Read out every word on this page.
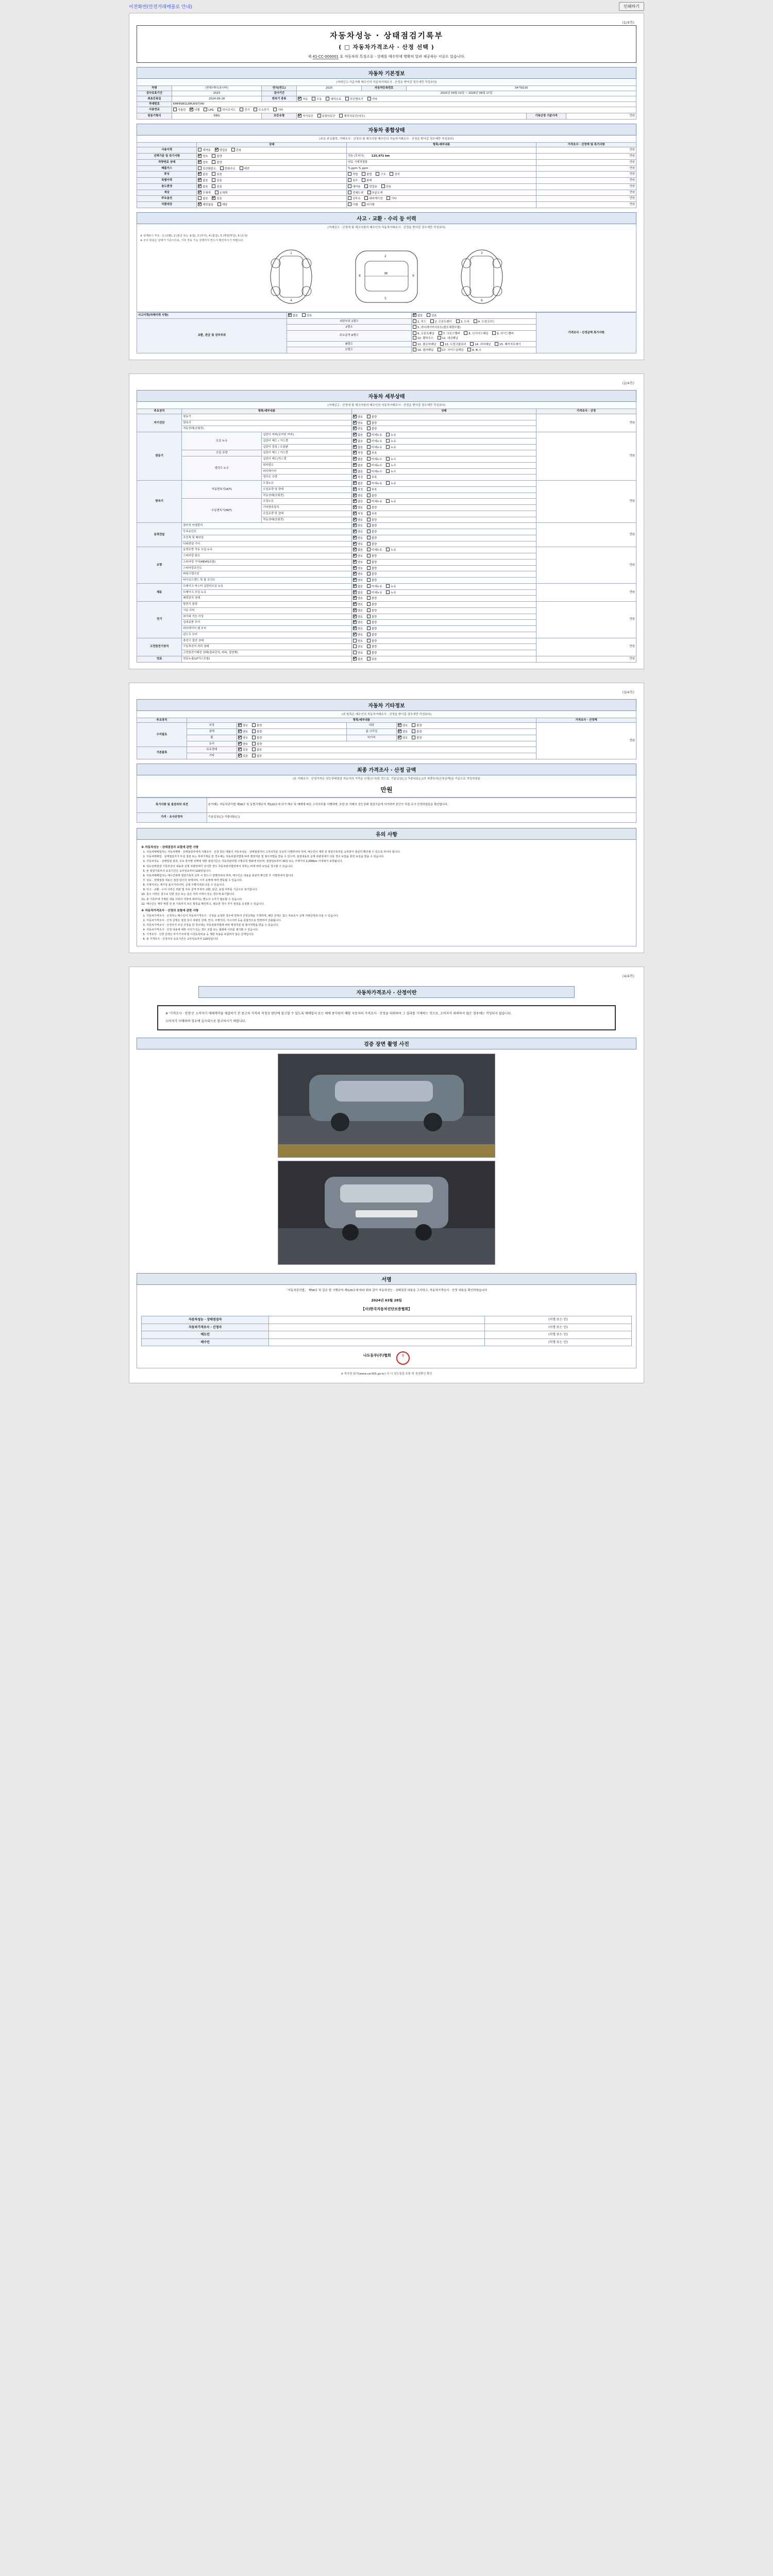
이전화면(안전거래매물로 안내)	인쇄하기
(1/4쪽)
자동차성능 · 상태점검기록부
( □ 자동차가격조사 · 산정 선택 )
제 41-CC-000001 호 자동차의 특징소유ㆍ상태를 매수인에 명확히 알려 제공하는 서류도 있습니다.
자동차 기본정보
(거래신고 기준거래 매수인의 자동차거래조사 · 산정을 받아갈 경우에만 작성보다)
차명	(현대)에디(쏘나타)	연식(연도)	2025	자동차등록번호	34가9230		
검사유효기간	2025	검사기간	2025년 09월 10일 ~ 2026년 09월 17일				
최초등록일	2024-09-18	변속기 종류	자동 수동 세미오토 무단변속기 기타				
차대번호	KMHK881L8RU097340						
사용연료	가솔린 디젤 LPG 하이브리드 전기 수소전기 기타						
원동기형식	DRG	보증유형	자가보증 보험사보증 제작사보증(의무)			기록간정 기준가격	만원
자동차 종합상태
(주요 주요품목, 거래조사 · 산정의 필 체크사항 매수인의 자동차거래조사 · 산정을 받아갈 경우에만 작성보다)
	상태	항목/세부내용	가격조사 · 산정액 및 특기사항
사용이력	대여용 영업용 관용		만원
선택기준 및 특기사항	양호 불량	전동 (모터식) 125,471 km	만원
차량연료 상태	양호 불량	연료 기계적결함	만원
배출가스	일산화탄소 탄화수소 매연	% ppm % ppm	만원
튜닝	없음 있음	적법 불법 구조 장치	만원
특별이력	없음 있음	침수 화재	만원
용도변경	없음 있음	대여용 영업용 관용	만원
색상	무채색 유채색	전체도색 부분도색	만원
주요옵션	없음 있음	선루프 내비게이션 기타	만원
리콜대상	해당없음 해당	이행 미이행	만원
사고 · 교환 · 수리 등 이력
(거래신고 · 산정에 필 체크사항의 매수인의 자동차거래조사 · 산정을 받아갈 경우에만 작성보다)
※ 상태표시 부호 : 1 (교환), 2 (판금 또는 용접), 3 (부식), 4 (흠집), 5 (깨짐/찢김), 6 (손상)
※ 주의 항목은 상태가 기준이므로, 기타 작동 기능 상태까지 반드시 확인하시기 바랍니다.
1
4
M
2
5
8	9
3
6
사고이력(차체이력 사항)	없음 있음	없음 있음	가격조사 · 산정금액 특기사항
교환, 판금 및 상부부위	외판부위 1랭크	1. 후드 2. 프론트펜더 3. 도어 4. 트렁크리드	
	2랭크	5. 라디에이터서포트(볼트체결부품)	
	주요골격 A랭크	6. 프론트패널 7. 크로스멤버 8. 인사이드패널 9. 사이드멤버 10. 휠하우스 11. 대쉬패널	
	B랭크	12. 플로어패널 13. 트렁크플로어 14. 리어패널 15. 패키지트레이	
	C랭크	16. 필러패널 17. 사이드실패널 A, B, C	
(2/4쪽)
자동차 세부상태
(거래신고 · 산정에 필 체크사항의 매수인의 자동차거래조사 · 산정을 받아갈 경우에만 작성보다)
주요장치	항목/세부내용		상태	가격조사 · 산정
자기진단	원동기		양호 불량	만원
	변속기		양호 불량	
	작동상태(공회전)		양호 불량	
원동기	오일 누유	실린더 커버(로커암 커버)	없음 미세누유 누유	만원
		실린더 헤드 / 가스켓	없음 미세누유 누유	
		실린더 블록 / 오일팬	없음 미세누유 누유	
	오일 유량	실린더 헤드 / 가스켓	적정 부족	
	냉각수 누수	실린더 헤드/가스켓	없음 미세누수 누수	
		워터펌프	없음 미세누수 누수	
		라디에이터	없음 미세누수 누수	
		냉각수 수량	적정 부족	
변속기	자동변속기(A/T)	오일누유	없음 미세누유 누유	만원
		오일유량 및 상태	적정 부족	
		작동상태(공회전)	양호 불량	
	수동변속기(M/T)	오일누유	없음 미세누유 누유	
		기어변속장치	양호 불량	
		오일유량 및 상태	적정 부족	
		작동상태(공회전)	양호 불량	
동력전달	클러치 어셈블리		양호 불량	만원
	등속죠인트		양호 불량	
	추진축 및 베어링		양호 불량	
	디퍼렌셜 기어		양호 불량	
조향	동력조향 작동 오일 누유		없음 미세누유 누유	만원
	스티어링 펌프		양호 불량	
	스티어링 기어(MDPS포함)		양호 불량	
	스티어링조인트		양호 불량	
	파워크랭크암		양호 불량	
	타이로드엔드 및 볼 조인트		양호 불량	
제동	브레이크 마스터 실린더오일 누유		없음 미세누유 누유	만원
	브레이크 오일 누유		없음 미세누유 누유	
	배력장치 상태		양호 불량	
전기	발전기 출력		양호 불량	만원
	시동 모터		양호 불량	
	와이퍼 기능 이상		양호 불량	
	실내송풍 모터		양호 불량	
	라디에이터 팬 모터		양호 불량	
	윈도우 모터		양호 불량	
고전원전기장치	충전구 절연 상태		양호 불량	만원
	구동축전지 격리 상태		양호 불량	
	고전원전기배선 상태(접속단자, 피복, 절연체)		양호 불량	
연료	연료누출(LP가스포함)		없음 있음	만원
(3/4쪽)
자동차 기타정보
(외 항목은 매수인의 자동차거래조사 · 산정을 받아갈 경우에만 작성보다)
주요장치	항목/세부내용				가격조사 · 산정액
수리필요	외장	양호 불량	내장	양호 불량	만원
	광택	양호 불량	룸 크리닝	양호 불량	
	휠	양호 불량	타이어	양호 불량	
	유리	양호 불량			
기본품목	보유상태	있음 없음			
	기타	있음 없음			
최종 가격조사 · 산정 금액
(본 거래조사 · 산정가격은 성능상태점검 자동차의 가격을 산정(조사)한 것으로, 기술실상(□) 가출내용(□)의 차량특자(산정금액)을 기준으로 작성하였음
만원
특기사항 및 점검자의 의견	본거래는 자동차관리법 제58조 및 동법시행규칙 제120조에 의거 매수 및 매매에 따른 고지의무를 이행하며, 또한 본 거래의 성능상태 점검기준에 의거하여 본인이 직접 조사 산정하였음을 확인합니다.
가격 · 조사산정자	기술실상(□) 가출내용(□)
유의 사항
※ 자동차성능 · 상태점검자 보험에 관한 사항
1. 자동차매매업자는 자동차매매 · 상태점검자에게 거래조사 · 산정 받은 매물의 자동차성능 · 상태점검자의 고지의무를 성실히 이행하여야 하며, 매수인이 계약 전 점검기록부를 교부받아 충분히 확인할 수 있도록 하여야 합니다.
2. 자동차매매업 · 상태점검자가 부실 점검 또는 허위기재를 한 경우에는 자동차관리법에 따라 행정처분 및 형사처벌을 받을 수 있으며, 점검내용과 실제 차량상태가 다를 경우 보험을 통한 보상을 받을 수 있습니다.
3. 자동차성능 · 상태점검 결과, 주요 장치별 상태에 대한 점검기준은 자동차관리법 시행규칙 별표에 따르며, 점검일로부터 30일 또는 주행거리 2,000km 이내에서 보장됩니다.
4. 성능상태점검 기록부상의 내용과 실제 차량상태가 상이한 경우 자동차관리법령에서 정하는 바에 따라 보상을 청구할 수 있습니다.
5. 본 점검기록부의 유효기간은 교부일로부터 120일입니다.
6. 자동차매매업자는 매수인에게 점검기록부 교부 시 반드시 설명하여야 하며, 매수인은 내용을 충분히 확인한 후 서명하여야 합니다.
7. 성능 · 상태점검 내용은 점검 당시의 상태이며, 이후 운행에 따라 변동될 수 있습니다.
8. 주행거리는 계기상 표시거리이며, 실제 주행거리와 다를 수 있습니다.
9. 사고 · 교환 · 수리 이력은 외판 및 주요 골격 부위의 교환, 판금, 용접 여부를 기준으로 표기합니다.
10. 침수 이력은 침수로 인한 전손 또는 분손 처리 이력이 있는 경우에 표기합니다.
11. 본 기록부에 기재된 내용 이외의 사항에 대하여는 별도의 고지가 필요할 수 있습니다.
12. 매수인은 계약 체결 전 본 기록부의 모든 항목을 확인하고, 필요한 경우 추가 점검을 요청할 수 있습니다.
※ 자동차가격조사 · 산정의 보험에 관한 사항
1. 자동차가격조사 · 산정자는 매수인이 자동차가격조사 · 산정을 요청한 경우에 한하여 산정금액을 기재하며, 해당 금액은 참고 자료로서 실제 거래금액과 다를 수 있습니다.
2. 자동차가격조사 · 산정 금액은 점검 당시 차량의 상태, 연식, 주행거리, 사고이력 등을 종합적으로 반영하여 산출됩니다.
3. 자동차가격조사 · 산정자가 부실 산정을 한 경우에는 자동차관리법에 따라 행정처분 및 형사처벌을 받을 수 있습니다.
4. 자동차가격조사 · 산정 내용에 대한 이의가 있는 경우 조합 또는 협회에 이의를 제기할 수 있습니다.
5. 가격조사 · 산정 금액은 부가가치세 및 이전등록비용 등 제반 비용을 포함하지 않은 금액입니다.
6. 본 가격조사 · 산정서의 유효기간은 교부일로부터 120일입니다.
(4/4쪽)
자동차가격조사 · 산정이란
※ '가격조사 · 산정'은 소비자가 매매계약을 체결하기 전 중고차 가격의 적정성 판단에 참고할 수 있도록 매매업자 또는 매매 종사원이 해당 자동차의 가격조사 · 산정을 의뢰하여 그 결과를 기재하는 것으로, 소비자가 의뢰하지 않은 경우에는 작성되지 않습니다.
소비자가 구매하려 경우에 실시되므로 참고하시기 바랍니다.
검증 장면 촬영 사진
서명
「자동차관리법」 제58조 및 같은 법 시행규칙 제120조에 따라 위와 같이 자동차성능 · 상태점검 내용을 고지하고, 자동차가격조사 · 산정 내용을 확인하였습니다.
2024년 03월 28일
【사)한국자동차진단보증협회】
자동차성능 · 상태점검자		(서명 또는 인)
자동차가격조사 · 산정자		(서명 또는 인)
매도인		(서명 또는 인)
매수인		(서명 또는 인)
나도동부(주)협회	인
※ 차사장 회사(www.car365.go.kr) 의 시 성능점검 포함 및 점검확인 확인
